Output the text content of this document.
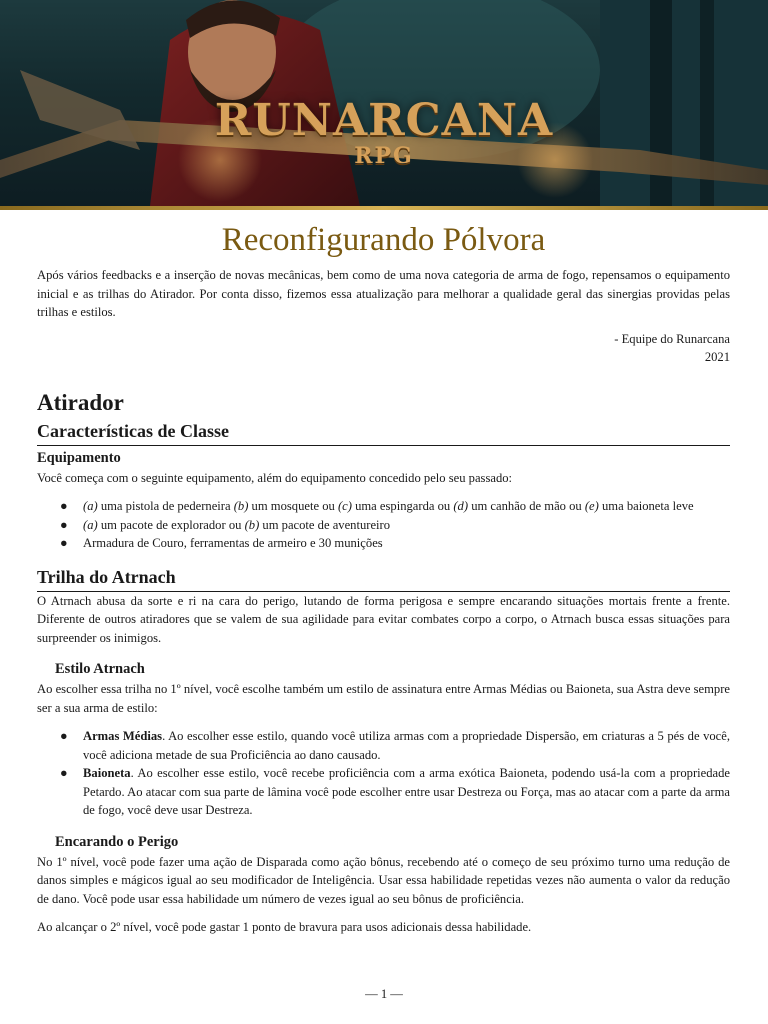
RUNARCANA
RPG
Reconfigurando Pólvora

Após vários feedbacks e a inserção de novas mecânicas, bem como de uma nova categoria de arma de fogo, repensamos o equipamento inicial e as trilhas do Atirador. Por conta disso, fizemos essa atualização para melhorar a qualidade geral das sinergias providas pelas trilhas e estilos.

- Equipe do Runarcana
2021
Atirador
Características de Classe
Equipamento

Você começa com o seguinte equipamento, além do equipamento concedido pelo seu passado:

● (a) uma pistola de pederneira (b) um mosquete ou (c) uma espingarda ou (d) um canhão de mão ou (e) uma baioneta leve
● (a) um pacote de explorador ou (b) um pacote de aventureiro
● Armadura de Couro, ferramentas de armeiro e 30 munições
Trilha do Atrnach

O Atrnach abusa da sorte e ri na cara do perigo, lutando de forma perigosa e sempre encarando situações mortais frente a frente. Diferente de outros atiradores que se valem de sua agilidade para evitar combates corpo a corpo, o Atrnach busca essas situações para surpreender os inimigos.

Estilo Atrnach

Ao escolher essa trilha no 1º nível, você escolhe também um estilo de assinatura entre Armas Médias ou Baioneta, sua Astra deve sempre ser a sua arma de estilo:

● Armas Médias. Ao escolher esse estilo, quando você utiliza armas com a propriedade Dispersão, em criaturas a 5 pés de você, você adiciona metade de sua Proficiência ao dano causado.
● Baioneta. Ao escolher esse estilo, você recebe proficiência com a arma exótica Baioneta, podendo usá-la com a propriedade Petardo. Ao atacar com sua parte de lâmina você pode escolher entre usar Destreza ou Força, mas ao atacar com a parte da arma de fogo, você deve usar Destreza.
Encarando o Perigo

No 1º nível, você pode fazer uma ação de Disparada como ação bônus, recebendo até o começo de seu próximo turno uma redução de danos simples e mágicos igual ao seu modificador de Inteligência. Usar essa habilidade repetidas vezes não aumenta o valor da redução de dano. Você pode usar essa habilidade um número de vezes igual ao seu bônus de proficiência.

Ao alcançar o 2º nível, você pode gastar 1 ponto de bravura para usos adicionais dessa habilidade.

— 1 —
